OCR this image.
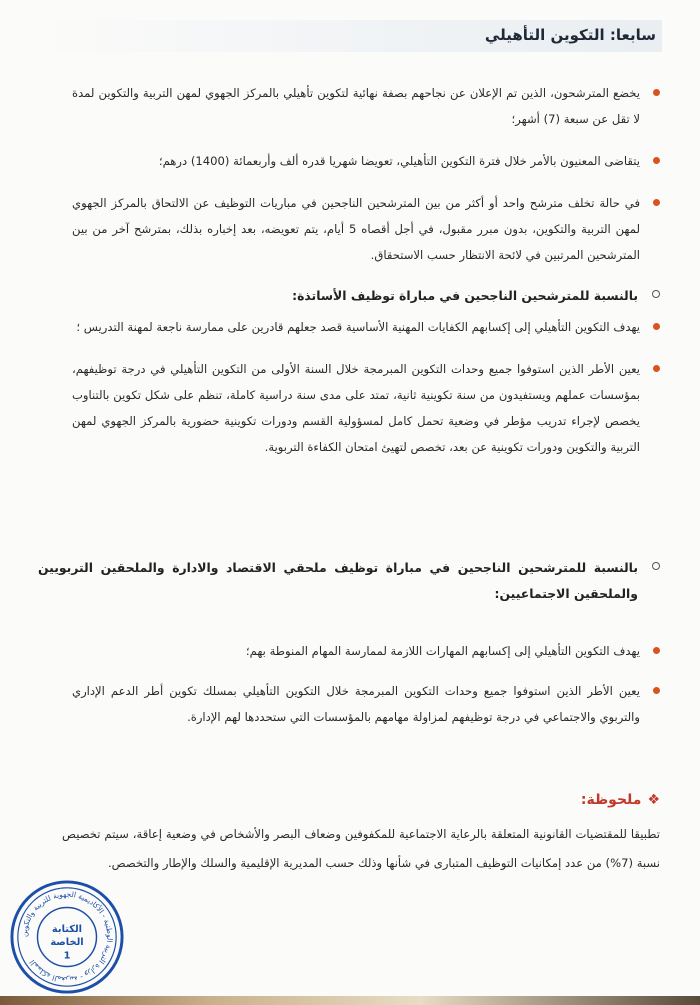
سابعا: التكوين التأهيلي
يخضع المترشحون، الذين تم الإعلان عن نجاحهم بصفة نهائية لتكوين تأهيلي بالمركز الجهوي لمهن التربية والتكوين لمدة لا تقل عن سبعة (7) أشهر؛
يتقاضى المعنيون بالأمر خلال فترة التكوين التأهيلي، تعويضا شهريا قدره ألف وأربعمائة (1400) درهم؛
في حالة تخلف مترشح واحد أو أكثر من بين المترشحين الناجحين في مباريات التوظيف عن الالتحاق بالمركز الجهوي لمهن التربية والتكوين، بدون مبرر مقبول، في أجل أقصاه 5 أيام، يتم تعويضه، بعد إخباره بذلك، بمترشح آخر من بين المترشحين المرتبين في لائحة الانتظار حسب الاستحقاق.
بالنسبة للمترشحين الناجحين في مباراة توظيف الأساتذة:
يهدف التكوين التأهيلي إلى إكسابهم الكفايات المهنية الأساسية قصد جعلهم قادرين على ممارسة ناجعة لمهنة التدريس ؛
يعين الأطر الذين استوفوا جميع وحدات التكوين المبرمجة خلال السنة الأولى من التكوين التأهيلي في درجة توظيفهم، بمؤسسات عملهم ويستفيدون من سنة تكوينية ثانية، تمتد على مدى سنة دراسية كاملة، تنظم على شكل تكوين بالتناوب يخصص لإجراء تدريب مؤطر في وضعية تحمل كامل لمسؤولية القسم ودورات تكوينية حضورية بالمركز الجهوي لمهن التربية والتكوين ودورات تكوينية عن بعد، تخصص لتهيئ امتحان الكفاءة التربوية.
بالنسبة للمترشحين الناجحين في مباراة توظيف ملحقي الاقتصاد والادارة والملحقين التربويين والملحقين الاجتماعيين:
يهدف التكوين التأهيلي إلى إكسابهم المهارات اللازمة لممارسة المهام المنوطة بهم؛
يعين الأطر الذين استوفوا جميع وحدات التكوين المبرمجة خلال التكوين التأهيلي بمسلك تكوين أطر الدعم الإداري والتربوي والاجتماعي في درجة توظيفهم لمزاولة مهامهم بالمؤسسات التي ستحددها لهم الإدارة.
❖ملحوظة:
تطبيقا للمقتضيات القانونية المتعلقة بالرعاية الاجتماعية للمكفوفين وضعاف البصر والأشخاص في وضعية إعاقة، سيتم تخصيص نسبة (7%) من عدد إمكانيات التوظيف المتبارى في شأنها وذلك حسب المديرية الإقليمية والسلك والإطار والتخصص.
المملكة المغربية - وزارة التربية الوطنية - الأكاديمية الجهوية للتربية والتكوين
الكتابة
الخاصة
1
